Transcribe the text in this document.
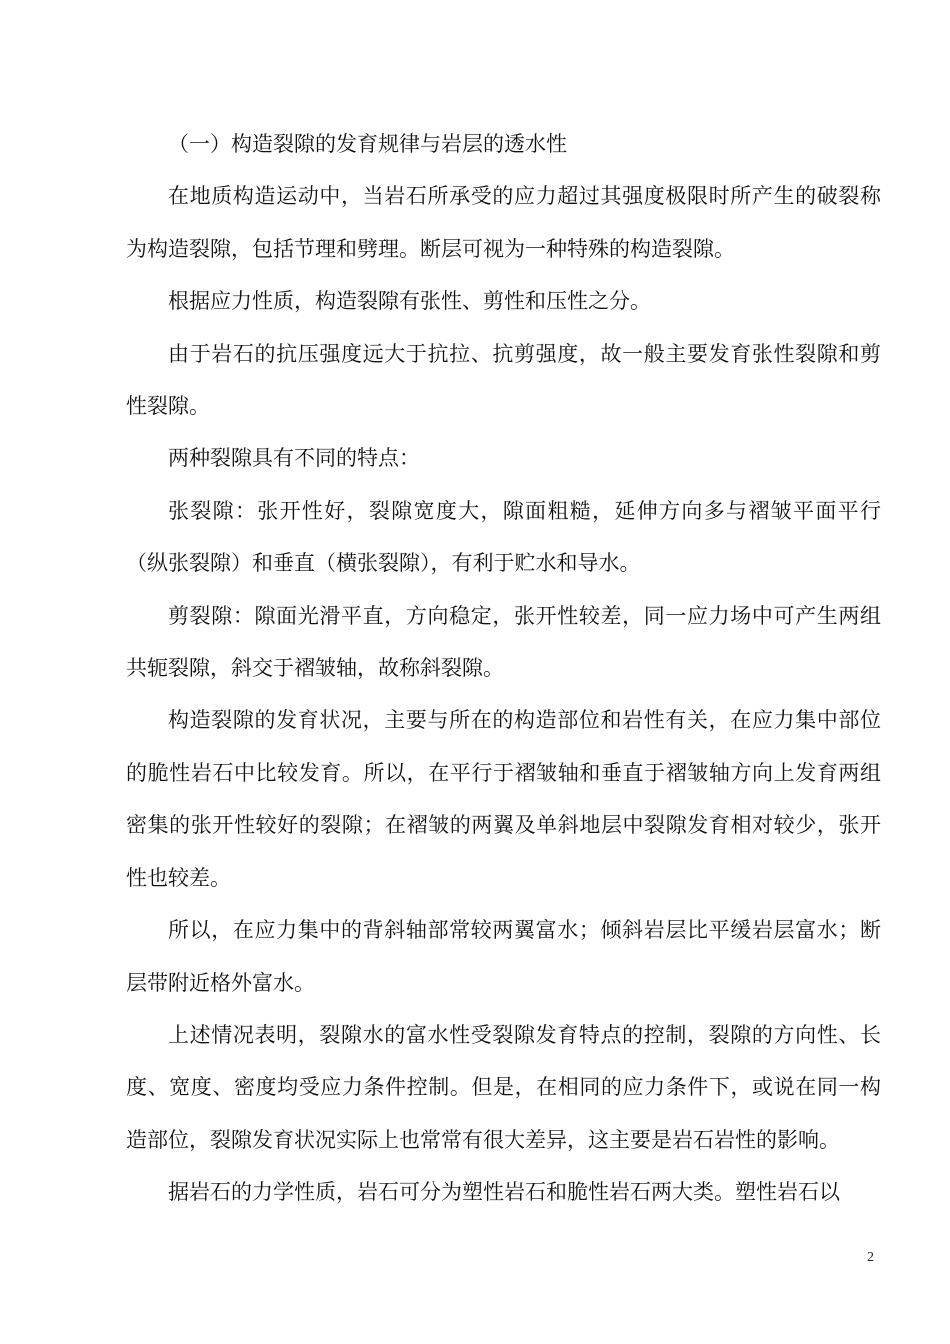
（一）构造裂隙的发育规律与岩层的透水性

在地质构造运动中，当岩石所承受的应力超过其强度极限时所产生的破裂称为构造裂隙，包括节理和劈理。断层可视为一种特殊的构造裂隙。

根据应力性质，构造裂隙有张性、剪性和压性之分。

由于岩石的抗压强度远大于抗拉、抗剪强度，故一般主要发育张性裂隙和剪性裂隙。

两种裂隙具有不同的特点：

张裂隙：张开性好，裂隙宽度大，隙面粗糙，延伸方向多与褶皱平面平行（纵张裂隙）和垂直（横张裂隙），有利于贮水和导水。

剪裂隙：隙面光滑平直，方向稳定，张开性较差，同一应力场中可产生两组共轭裂隙，斜交于褶皱轴，故称斜裂隙。

构造裂隙的发育状况，主要与所在的构造部位和岩性有关，在应力集中部位的脆性岩石中比较发育。所以，在平行于褶皱轴和垂直于褶皱轴方向上发育两组密集的张开性较好的裂隙；在褶皱的两翼及单斜地层中裂隙发育相对较少，张开性也较差。

所以，在应力集中的背斜轴部常较两翼富水；倾斜岩层比平缓岩层富水；断层带附近格外富水。

上述情况表明，裂隙水的富水性受裂隙发育特点的控制，裂隙的方向性、长度、宽度、密度均受应力条件控制。但是，在相同的应力条件下，或说在同一构造部位，裂隙发育状况实际上也常常有很大差异，这主要是岩石岩性的影响。

据岩石的力学性质，岩石可分为塑性岩石和脆性岩石两大类。塑性岩石以

2
